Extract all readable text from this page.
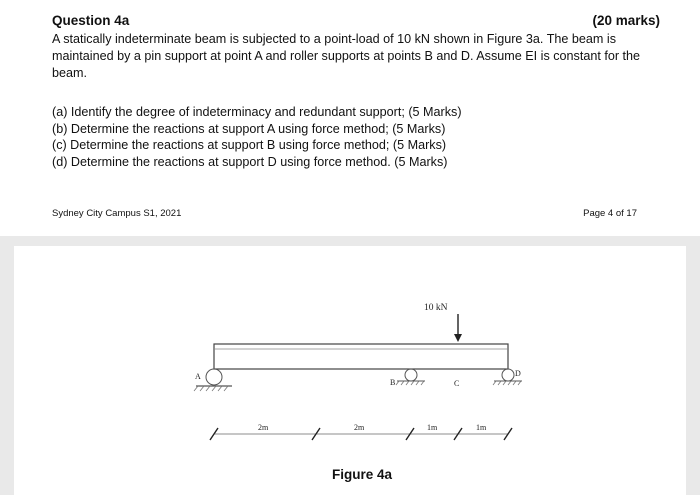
Question 4a	(20 marks)
A statically indeterminate beam is subjected to a point-load of 10 kN shown in Figure 3a. The beam is maintained by a pin support at point A and roller supports at points B and D. Assume EI is constant for the beam.
(a) Identify the degree of indeterminacy and redundant support; (5 Marks)
(b) Determine the reactions at support A using force method; (5 Marks)
(c) Determine the reactions at support B using force method; (5 Marks)
(d) Determine the reactions at support D using force method. (5 Marks)
Sydney City Campus S1, 2021	Page 4 of 17
10 kN
A
B	C
D
2m	2m	1m	1m
Figure 4a
